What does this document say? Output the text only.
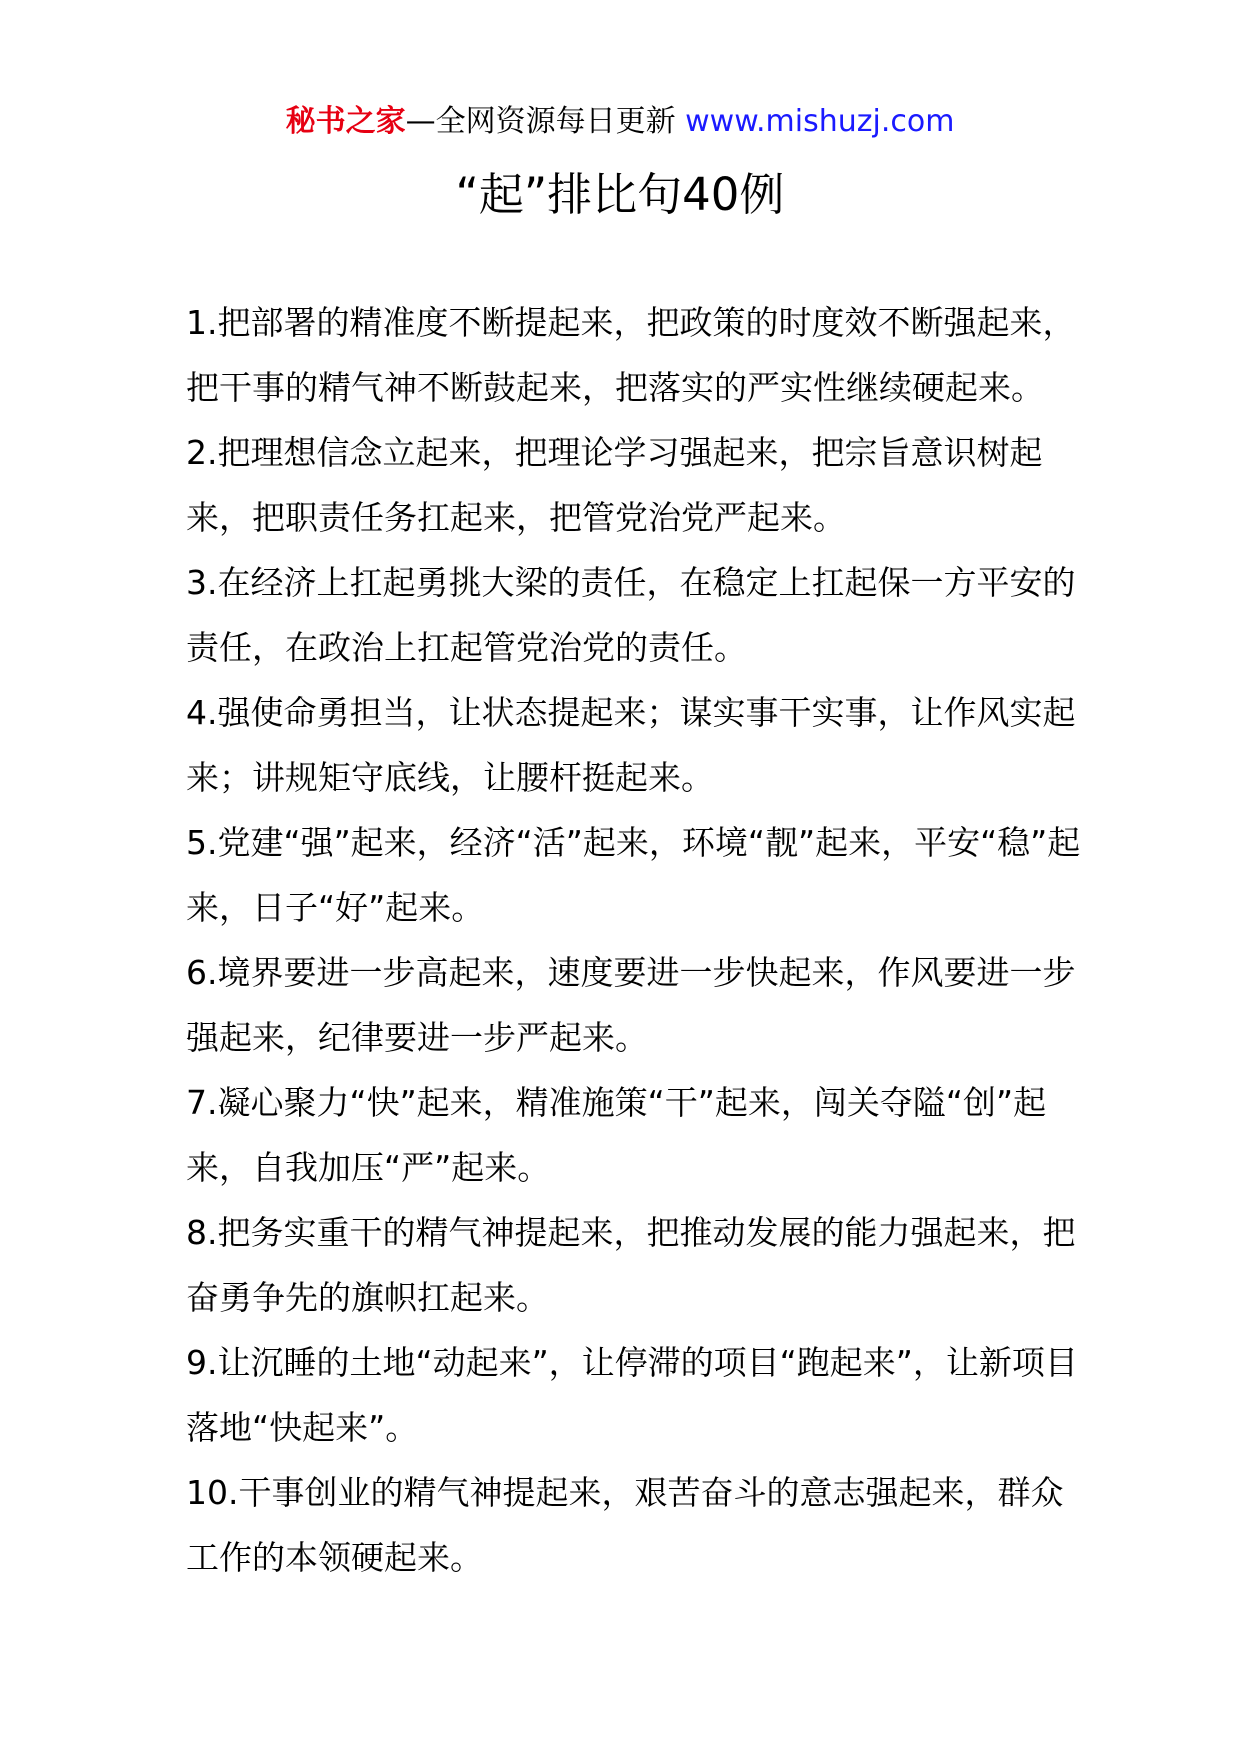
秘书之家—全网资源每日更新 www.mishuzj.com
“起”排比句40例

1.把部署的精准度不断提起来，把政策的时度效不断强起来，把干事的精气神不断鼓起来，把落实的严实性继续硬起来。

2.把理想信念立起来，把理论学习强起来，把宗旨意识树起来，把职责任务扛起来，把管党治党严起来。

3.在经济上扛起勇挑大梁的责任，在稳定上扛起保一方平安的责任，在政治上扛起管党治党的责任。

4.强使命勇担当，让状态提起来；谋实事干实事，让作风实起来；讲规矩守底线，让腰杆挺起来。

5.党建“强”起来，经济“活”起来，环境“靓”起来，平安“稳”起来，日子“好”起来。

6.境界要进一步高起来，速度要进一步快起来，作风要进一步强起来，纪律要进一步严起来。

7.凝心聚力“快”起来，精准施策“干”起来，闯关夺隘“创”起来，自我加压“严”起来。

8.把务实重干的精气神提起来，把推动发展的能力强起来，把奋勇争先的旗帜扛起来。

9.让沉睡的土地“动起来”，让停滞的项目“跑起来”，让新项目落地“快起来”。

10.干事创业的精气神提起来，艰苦奋斗的意志强起来，群众工作的本领硬起来。
